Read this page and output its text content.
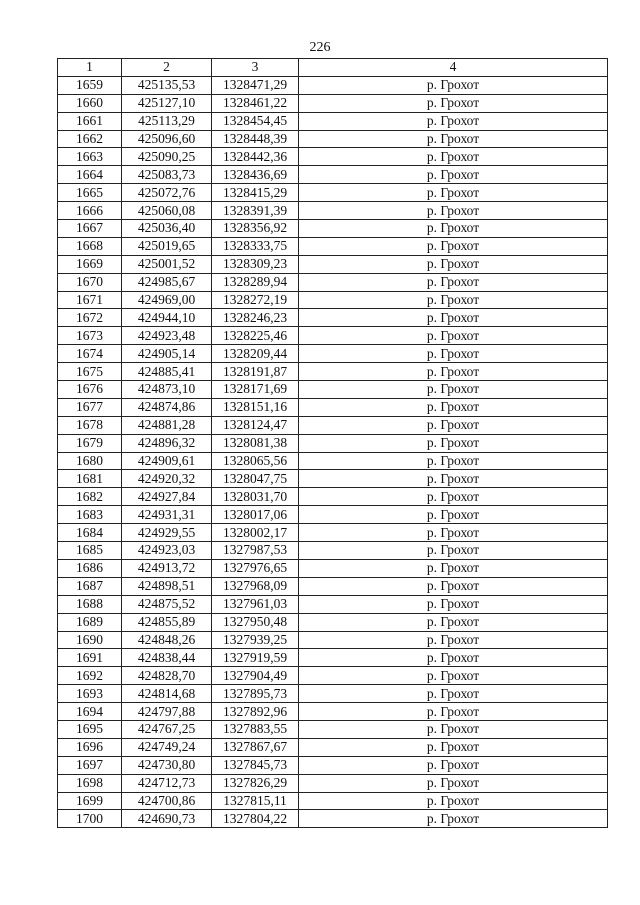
226
1	2	3	4
1659	425135,53	1328471,29	р. Грохот
1660	425127,10	1328461,22	р. Грохот
1661	425113,29	1328454,45	р. Грохот
1662	425096,60	1328448,39	р. Грохот
1663	425090,25	1328442,36	р. Грохот
1664	425083,73	1328436,69	р. Грохот
1665	425072,76	1328415,29	р. Грохот
1666	425060,08	1328391,39	р. Грохот
1667	425036,40	1328356,92	р. Грохот
1668	425019,65	1328333,75	р. Грохот
1669	425001,52	1328309,23	р. Грохот
1670	424985,67	1328289,94	р. Грохот
1671	424969,00	1328272,19	р. Грохот
1672	424944,10	1328246,23	р. Грохот
1673	424923,48	1328225,46	р. Грохот
1674	424905,14	1328209,44	р. Грохот
1675	424885,41	1328191,87	р. Грохот
1676	424873,10	1328171,69	р. Грохот
1677	424874,86	1328151,16	р. Грохот
1678	424881,28	1328124,47	р. Грохот
1679	424896,32	1328081,38	р. Грохот
1680	424909,61	1328065,56	р. Грохот
1681	424920,32	1328047,75	р. Грохот
1682	424927,84	1328031,70	р. Грохот
1683	424931,31	1328017,06	р. Грохот
1684	424929,55	1328002,17	р. Грохот
1685	424923,03	1327987,53	р. Грохот
1686	424913,72	1327976,65	р. Грохот
1687	424898,51	1327968,09	р. Грохот
1688	424875,52	1327961,03	р. Грохот
1689	424855,89	1327950,48	р. Грохот
1690	424848,26	1327939,25	р. Грохот
1691	424838,44	1327919,59	р. Грохот
1692	424828,70	1327904,49	р. Грохот
1693	424814,68	1327895,73	р. Грохот
1694	424797,88	1327892,96	р. Грохот
1695	424767,25	1327883,55	р. Грохот
1696	424749,24	1327867,67	р. Грохот
1697	424730,80	1327845,73	р. Грохот
1698	424712,73	1327826,29	р. Грохот
1699	424700,86	1327815,11	р. Грохот
1700	424690,73	1327804,22	р. Грохот
